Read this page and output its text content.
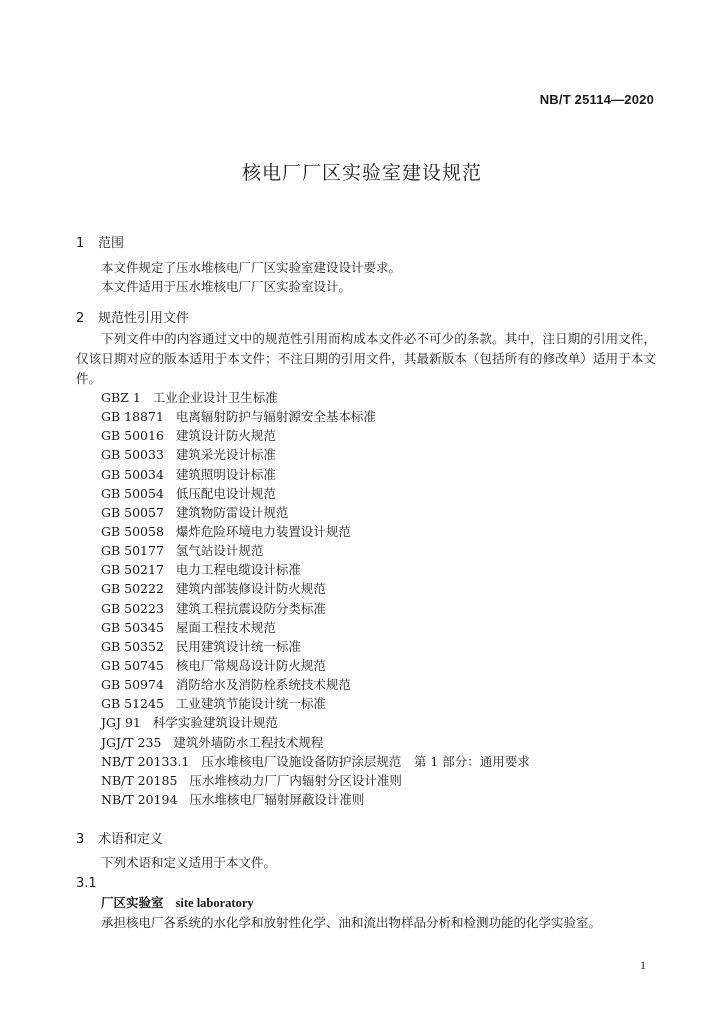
NB/T 25114—2020
核电厂厂区实验室建设规范
1 范围
本文件规定了压水堆核电厂厂区实验室建设设计要求。
本文件适用于压水堆核电厂厂区实验室设计。
2 规范性引用文件
下列文件中的内容通过文中的规范性引用而构成本文件必不可少的条款。其中，注日期的引用文件，仅该日期对应的版本适用于本文件；不注日期的引用文件，其最新版本（包括所有的修改单）适用于本文件。
GBZ 1 工业企业设计卫生标准
GB 18871 电离辐射防护与辐射源安全基本标准
GB 50016 建筑设计防火规范
GB 50033 建筑采光设计标准
GB 50034 建筑照明设计标准
GB 50054 低压配电设计规范
GB 50057 建筑物防雷设计规范
GB 50058 爆炸危险环境电力装置设计规范
GB 50177 氢气站设计规范
GB 50217 电力工程电缆设计标准
GB 50222 建筑内部装修设计防火规范
GB 50223 建筑工程抗震设防分类标准
GB 50345 屋面工程技术规范
GB 50352 民用建筑设计统一标准
GB 50745 核电厂常规岛设计防火规范
GB 50974 消防给水及消防栓系统技术规范
GB 51245 工业建筑节能设计统一标准
JGJ 91 科学实验建筑设计规范
JGJ/T 235 建筑外墙防水工程技术规程
NB/T 20133.1 压水堆核电厂设施设备防护涂层规范　第 1 部分：通用要求
NB/T 20185 压水堆核动力厂厂内辐射分区设计准则
NB/T 20194 压水堆核电厂辐射屏蔽设计准则
3 术语和定义
下列术语和定义适用于本文件。
3.1
厂区实验室 site laboratory
承担核电厂各系统的水化学和放射性化学、油和流出物样品分析和检测功能的化学实验室。
1
